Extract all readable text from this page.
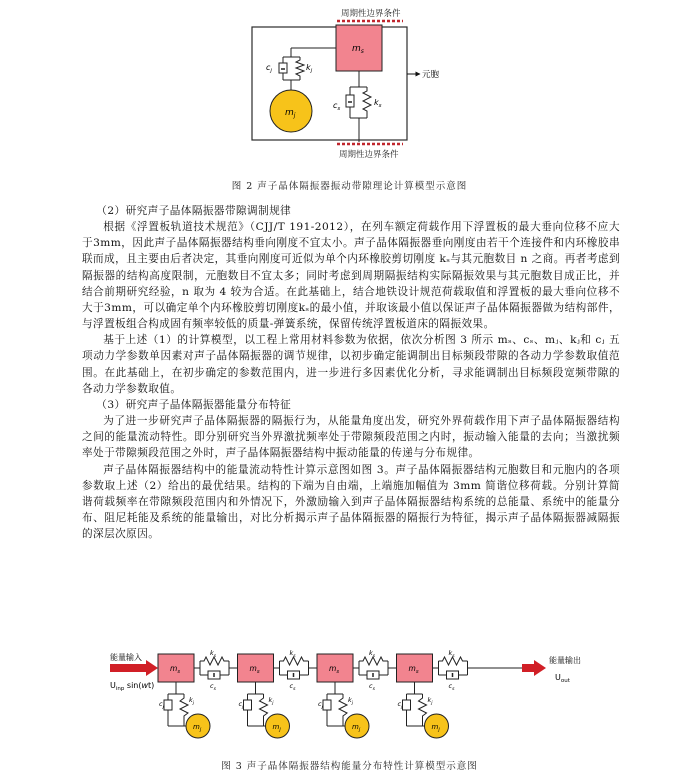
周期性边界条件
$m_s$
$c_j$	$k_j$
$m_j$
元胞
$c_s$
$k_s$
周期性边界条件
图 2 声子晶体隔振器振动带隙理论计算模型示意图

（2）研究声子晶体隔振器带隙调制规律

根据《浮置板轨道技术规范》（CJJ/T 191-2012），在列车额定荷载作用下浮置板的最大垂向位移不应大于3mm，因此声子晶体隔振器结构垂向刚度不宜太小。声子晶体隔振器垂向刚度由若干个连接件和内环橡胶串联而成，且主要由后者决定，其垂向刚度可近似为单个内环橡胶剪切刚度 kₛ与其元胞数目 n 之商。再者考虑到隔振器的结构高度限制，元胞数目不宜太多；同时考虑到周期隔振结构实际隔振效果与其元胞数目成正比，并结合前期研究经验，n 取为 4 较为合适。在此基础上，结合地铁设计规范荷载取值和浮置板的最大垂向位移不大于3mm，可以确定单个内环橡胶剪切刚度kₛ的最小值，并取该最小值以保证声子晶体隔振器做为结构部件，与浮置板组合构成固有频率较低的质量-弹簧系统，保留传统浮置板道床的隔振效果。

基于上述（1）的计算模型，以工程上常用材料参数为依据，依次分析图 3 所示 mₛ、cₛ、mⱼ、kⱼ和 cⱼ 五项动力学参数单因素对声子晶体隔振器的调节规律，以初步确定能调制出目标频段带隙的各动力学参数取值范围。在此基础上，在初步确定的参数范围内，进一步进行多因素优化分析，寻求能调制出目标频段宽频带隙的各动力学参数取值。

（3）研究声子晶体隔振器能量分布特征

为了进一步研究声子晶体隔振器的隔振行为，从能量角度出发，研究外界荷载作用下声子晶体隔振器结构之间的能量流动特性。即分别研究当外界激扰频率处于带隙频段范围之内时，振动输入能量的去向；当激扰频率处于带隙频段范围之外时，声子晶体隔振器结构中振动能量的传递与分布规律。

声子晶体隔振器结构中的能量流动特性计算示意图如图 3。声子晶体隔振器结构元胞数目和元胞内的各项参数取上述（2）给出的最优结果。结构的下端为自由端，上端施加幅值为 3mm 简谐位移荷载。分别计算简谐荷载频率在带隙频段范围内和外情况下，外激励输入到声子晶体隔振器结构系统的总能量、系统中的能量分布、阻尼耗能及系统的能量输出，对比分析揭示声子晶体隔振器的隔振行为特征，揭示声子晶体隔振器减隔振的深层次原因。

能量输入
$U_{inp}$ sin(wt)
$m_s$
$k_s$
$c_s$
$c_j$
$k_j$
$m_j$
$m_s$
$k_s$
$c_s$
$c_j$
$k_j$
$m_j$
$m_s$
$k_s$
$c_s$
$c_j$
$k_j$
$m_j$
$m_s$
$k_s$
$c_s$
$c_j$
$k_j$
$m_j$
能量输出
$U_{out}$
图 3 声子晶体隔振器结构能量分布特性计算模型示意图
